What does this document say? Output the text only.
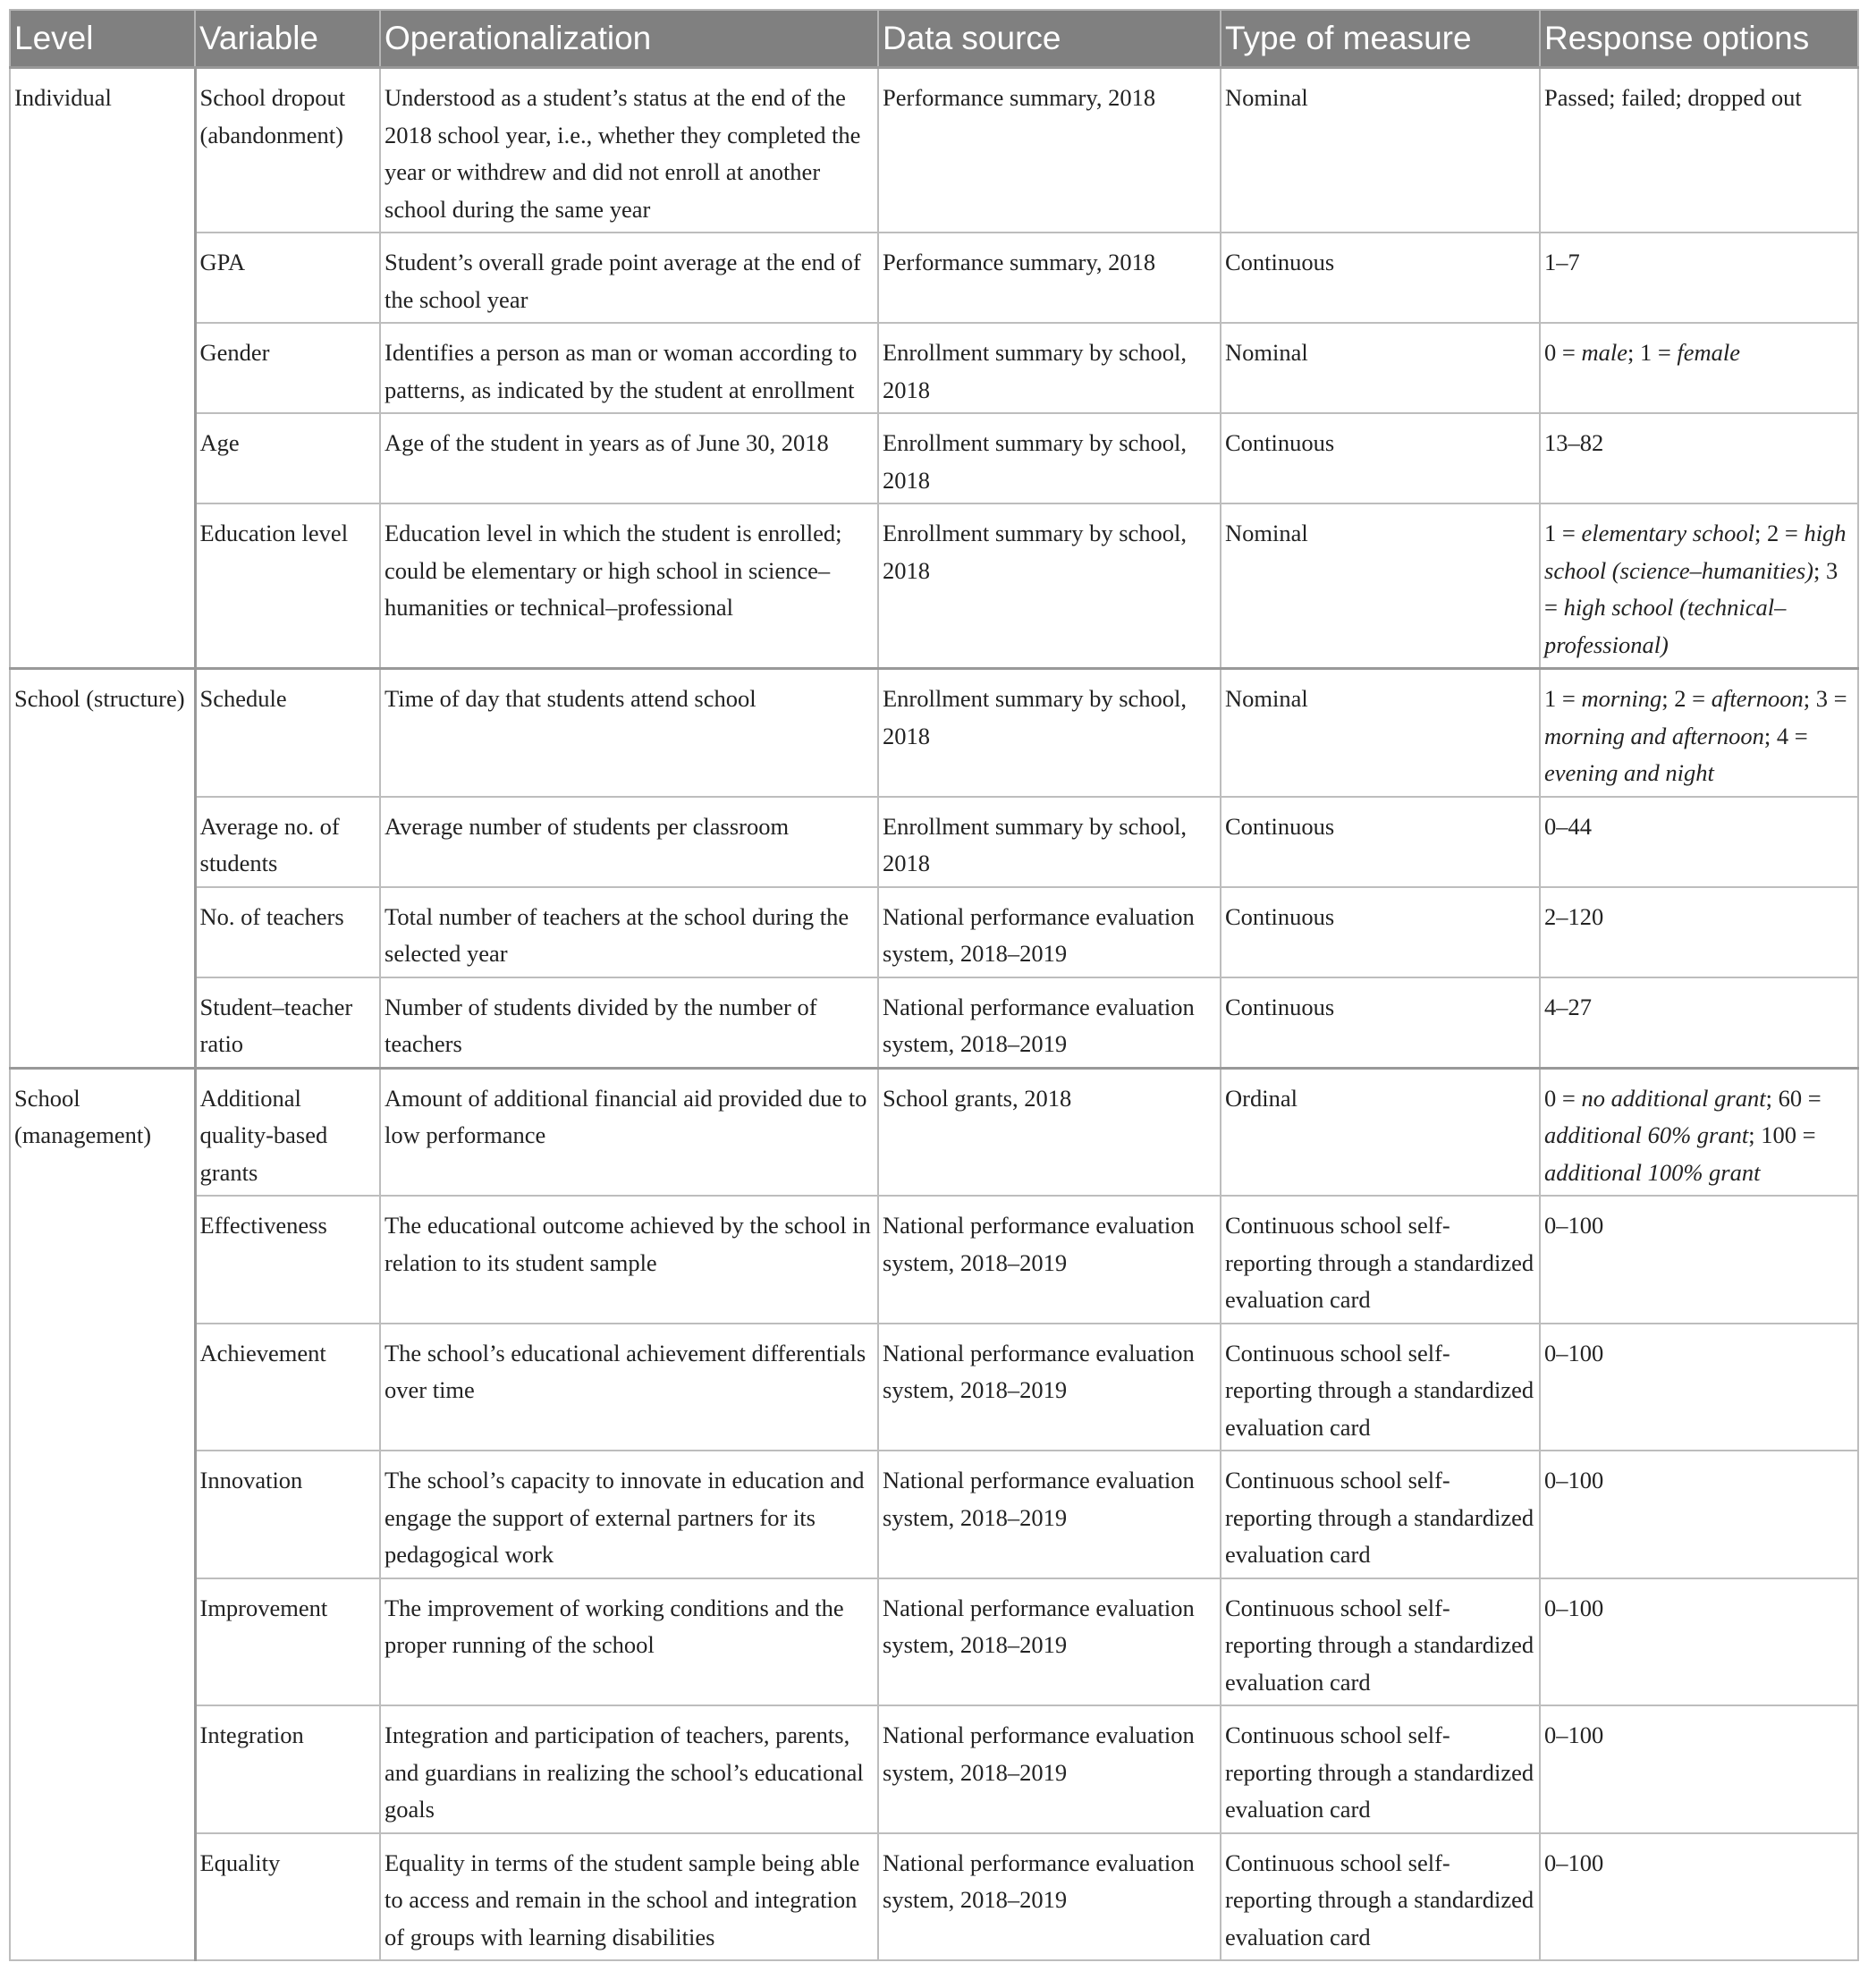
Level	Variable	Operationalization	Data source	Type of measure	Response options
Individual	School dropout (abandonment)	Understood as a student’s status at the end of the 2018 school year, i.e., whether they completed the year or withdrew and did not enroll at another school during the same year	Performance summary, 2018	Nominal	Passed; failed; dropped out
	GPA	Student’s overall grade point average at the end of the school year	Performance summary, 2018	Continuous	1–7
	Gender	Identifies a person as man or woman according to patterns, as indicated by the student at enrollment	Enrollment summary by school, 2018	Nominal	0 = male; 1 = female
	Age	Age of the student in years as of June 30, 2018	Enrollment summary by school, 2018	Continuous	13–82
	Education level	Education level in which the student is enrolled; could be elementary or high school in science–humanities or technical–professional	Enrollment summary by school, 2018	Nominal	1 = elementary school; 2 = high school (science–humanities); 3 = high school (technical–professional)
School (structure)	Schedule	Time of day that students attend school	Enrollment summary by school, 2018	Nominal	1 = morning; 2 = afternoon; 3 = morning and afternoon; 4 = evening and night
	Average no. of students	Average number of students per classroom	Enrollment summary by school, 2018	Continuous	0–44
	No. of teachers	Total number of teachers at the school during the selected year	National performance evaluation system, 2018–2019	Continuous	2–120
	Student–teacher ratio	Number of students divided by the number of teachers	National performance evaluation system, 2018–2019	Continuous	4–27
School (management)	Additional quality-based grants	Amount of additional financial aid provided due to low performance	School grants, 2018	Ordinal	0 = no additional grant; 60 = additional 60% grant; 100 = additional 100% grant
	Effectiveness	The educational outcome achieved by the school in relation to its student sample	National performance evaluation system, 2018–2019	Continuous school self-reporting through a standardized evaluation card	0–100
	Achievement	The school’s educational achievement differentials over time	National performance evaluation system, 2018–2019	Continuous school self-reporting through a standardized evaluation card	0–100
	Innovation	The school’s capacity to innovate in education and engage the support of external partners for its pedagogical work	National performance evaluation system, 2018–2019	Continuous school self-reporting through a standardized evaluation card	0–100
	Improvement	The improvement of working conditions and the proper running of the school	National performance evaluation system, 2018–2019	Continuous school self-reporting through a standardized evaluation card	0–100
	Integration	Integration and participation of teachers, parents, and guardians in realizing the school’s educational goals	National performance evaluation system, 2018–2019	Continuous school self-reporting through a standardized evaluation card	0–100
	Equality	Equality in terms of the student sample being able to access and remain in the school and integration of groups with learning disabilities	National performance evaluation system, 2018–2019	Continuous school self-reporting through a standardized evaluation card	0–100
